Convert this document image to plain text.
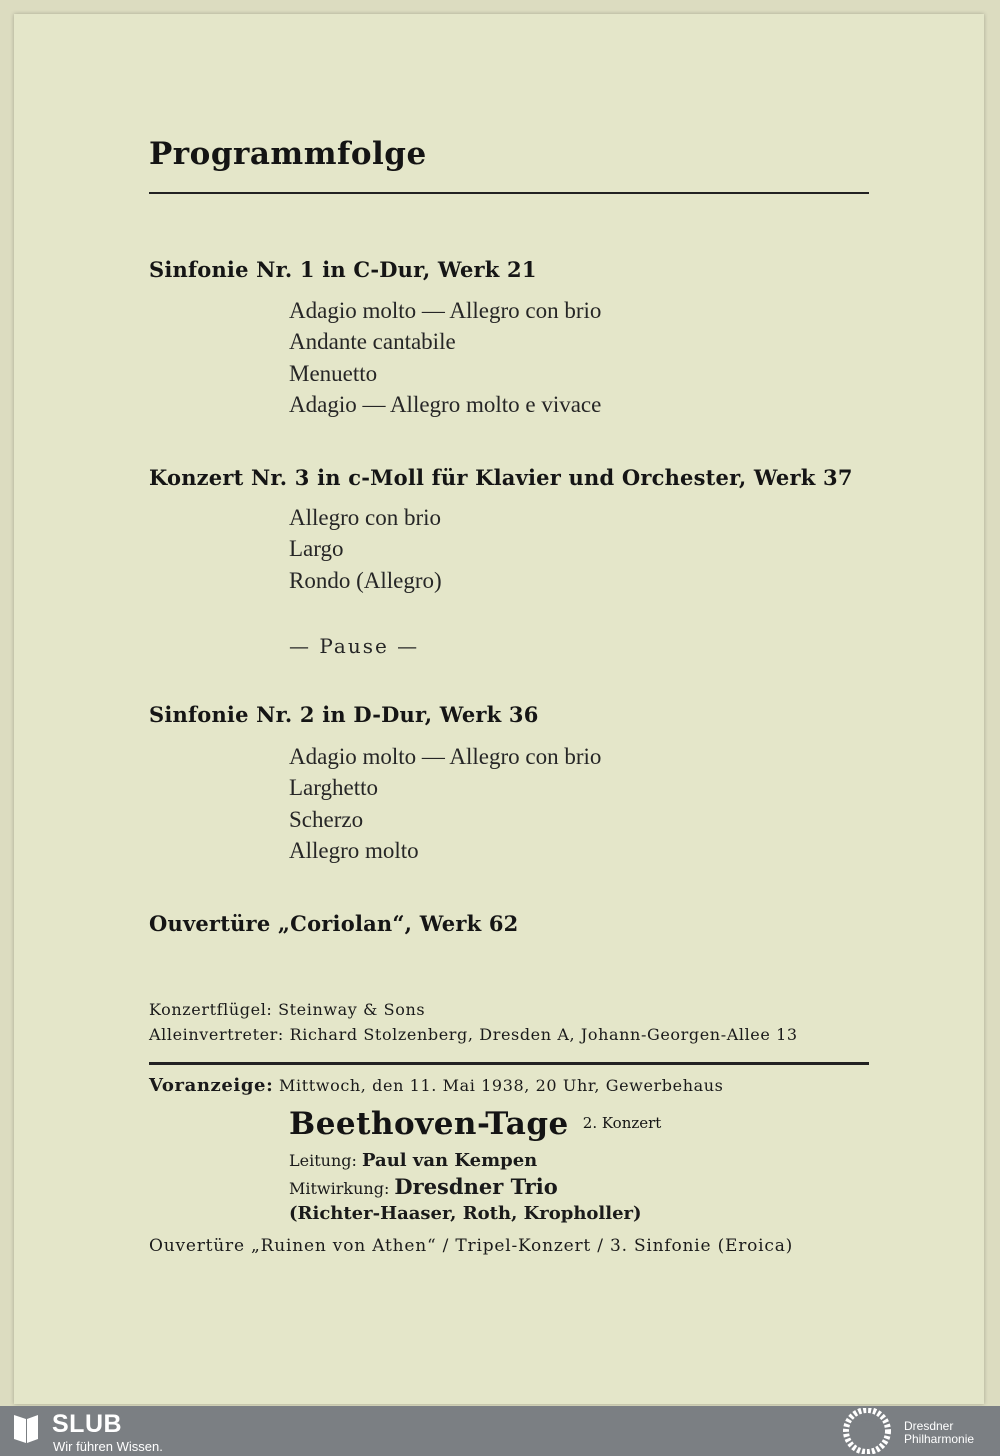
Programmfolge
Sinfonie Nr. 1 in C-Dur, Werk 21
Adagio molto — Allegro con brio
Andante cantabile
Menuetto
Adagio — Allegro molto e vivace
Konzert Nr. 3 in c-Moll für Klavier und Orchester, Werk 37
Allegro con brio
Largo
Rondo (Allegro)
— Pause —
Sinfonie Nr. 2 in D-Dur, Werk 36
Adagio molto — Allegro con brio
Larghetto
Scherzo
Allegro molto
Ouvertüre „Coriolan“, Werk 62
Konzertflügel: Steinway & Sons
Alleinvertreter: Richard Stolzenberg, Dresden A, Johann-Georgen-Allee 13
Voranzeige: Mittwoch, den 11. Mai 1938, 20 Uhr, Gewerbehaus
Beethoven-Tage 2. Konzert
Leitung: Paul van Kempen
Mitwirkung: Dresdner Trio
(Richter-Haaser, Roth, Kropholler)
Ouvertüre „Ruinen von Athen“ / Tripel-Konzert / 3. Sinfonie (Eroica)
SLUB
Wir führen Wissen.
Dresdner
Philharmonie
